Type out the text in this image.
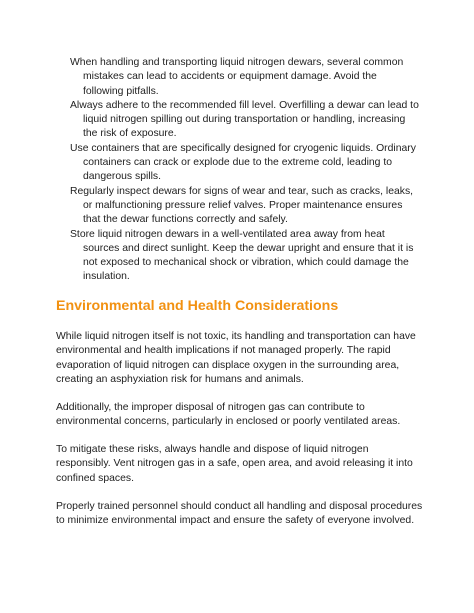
When handling and transporting liquid nitrogen dewars, several common mistakes can lead to accidents or equipment damage. Avoid the following pitfalls.
Always adhere to the recommended fill level. Overfilling a dewar can lead to liquid nitrogen spilling out during transportation or handling, increasing the risk of exposure.
Use containers that are specifically designed for cryogenic liquids. Ordinary containers can crack or explode due to the extreme cold, leading to dangerous spills.
Regularly inspect dewars for signs of wear and tear, such as cracks, leaks, or malfunctioning pressure relief valves. Proper maintenance ensures that the dewar functions correctly and safely.
Store liquid nitrogen dewars in a well-ventilated area away from heat sources and direct sunlight. Keep the dewar upright and ensure that it is not exposed to mechanical shock or vibration, which could damage the insulation.
Environmental and Health Considerations

While liquid nitrogen itself is not toxic, its handling and transportation can have environmental and health implications if not managed properly. The rapid evaporation of liquid nitrogen can displace oxygen in the surrounding area, creating an asphyxiation risk for humans and animals.

Additionally, the improper disposal of nitrogen gas can contribute to environmental concerns, particularly in enclosed or poorly ventilated areas.

To mitigate these risks, always handle and dispose of liquid nitrogen responsibly. Vent nitrogen gas in a safe, open area, and avoid releasing it into confined spaces.

Properly trained personnel should conduct all handling and disposal procedures to minimize environmental impact and ensure the safety of everyone involved.
